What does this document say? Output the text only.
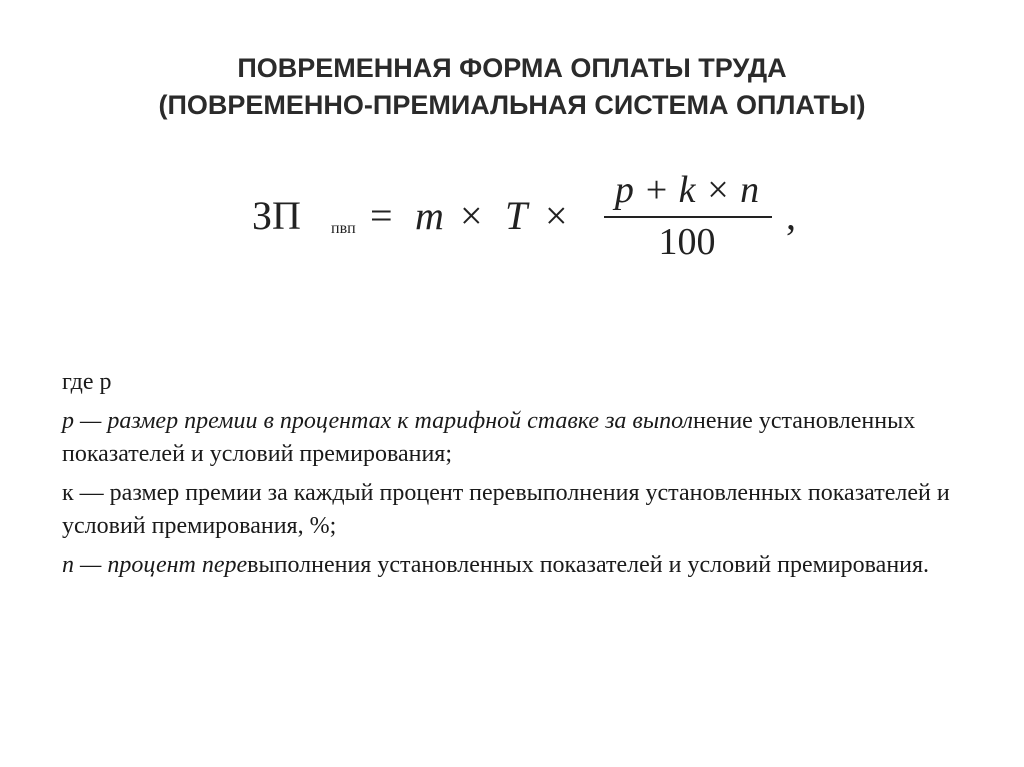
ПОВРЕМЕННАЯ ФОРМА ОПЛАТЫ ТРУДА
(ПОВРЕМЕННО-ПРЕМИАЛЬНАЯ СИСТЕМА ОПЛАТЫ)
ЗП пвп = m × T ×
p + k × n
100
,

где р

р — размер премии в процентах к тарифной ставке за выполнение установленных показателей и условий премирования;

к — размер премии за каждый процент перевыполнения установленных показателей и условий премирования, %;

п — процент перевыполнения установленных показателей и условий премирования.
